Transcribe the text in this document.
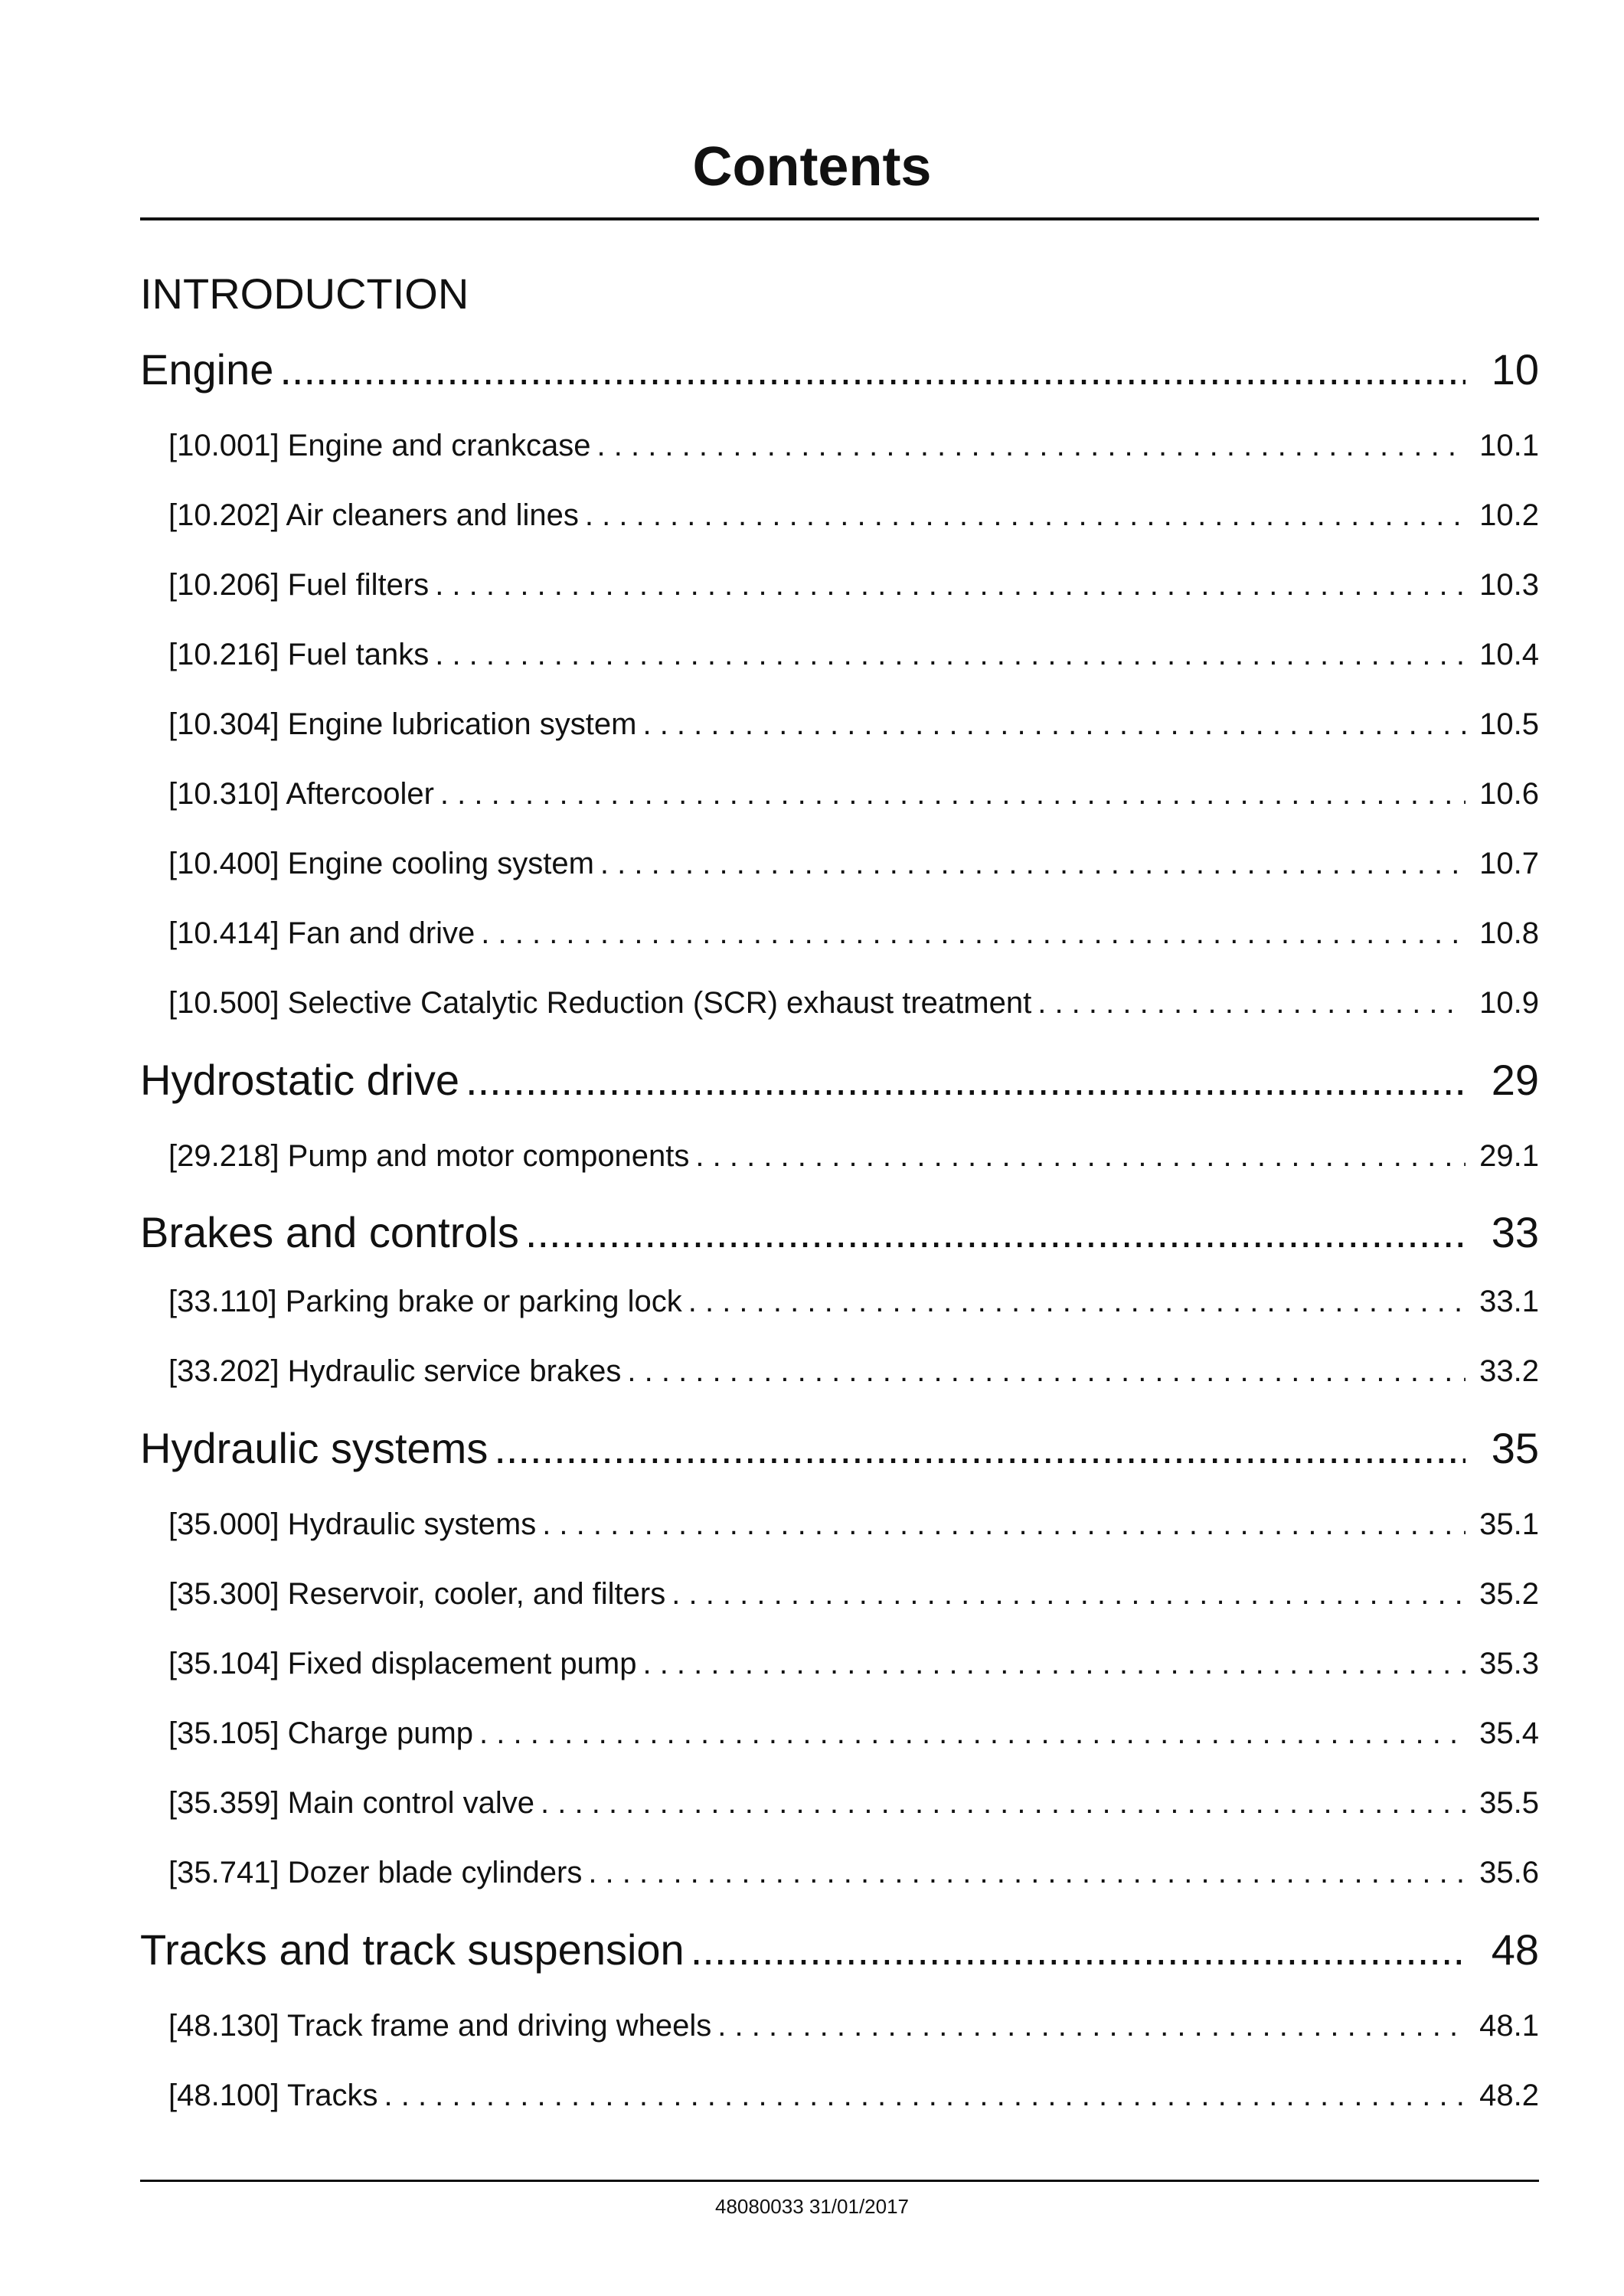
Contents
INTRODUCTION
Engine .....	10
[10.001] Engine and crankcase . . .	10.1
[10.202] Air cleaners and lines . . .	10.2
[10.206] Fuel filters . . .	10.3
[10.216] Fuel tanks . . .	10.4
[10.304] Engine lubrication system . . .	10.5
[10.310] Aftercooler . . .	10.6
[10.400] Engine cooling system . . .	10.7
[10.414] Fan and drive . . .	10.8
[10.500] Selective Catalytic Reduction (SCR) exhaust treatment . . .	10.9
Hydrostatic drive .....	29
[29.218] Pump and motor components . . .	29.1
Brakes and controls .....	33
[33.110] Parking brake or parking lock . . .	33.1
[33.202] Hydraulic service brakes . . .	33.2
Hydraulic systems .....	35
[35.000] Hydraulic systems . . .	35.1
[35.300] Reservoir, cooler, and filters . . .	35.2
[35.104] Fixed displacement pump . . .	35.3
[35.105] Charge pump . . .	35.4
[35.359] Main control valve . . .	35.5
[35.741] Dozer blade cylinders . . .	35.6
Tracks and track suspension .....	48
[48.130] Track frame and driving wheels . . .	48.1
[48.100] Tracks . . .	48.2
48080033 31/01/2017
